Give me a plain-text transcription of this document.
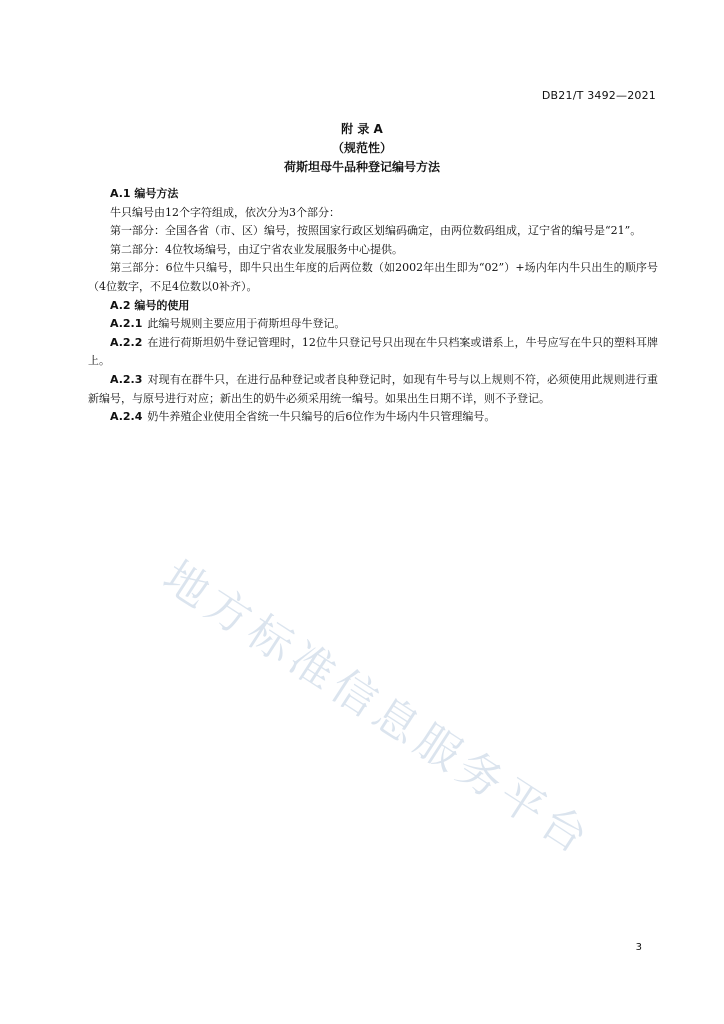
DB21/T 3492—2021
附 录 A
（规范性）
荷斯坦母牛品种登记编号方法
A.1 编号方法

牛只编号由12个字符组成，依次分为3个部分：

第一部分：全国各省（市、区）编号，按照国家行政区划编码确定，由两位数码组成，辽宁省的编号是“21”。

第二部分：4位牧场编号，由辽宁省农业发展服务中心提供。

第三部分：6位牛只编号，即牛只出生年度的后两位数（如2002年出生即为“02”）+场内年内牛只出生的顺序号（4位数字，不足4位数以0补齐）。

A.2 编号的使用

A.2.1 此编号规则主要应用于荷斯坦母牛登记。

A.2.2 在进行荷斯坦奶牛登记管理时，12位牛只登记号只出现在牛只档案或谱系上，牛号应写在牛只的塑料耳牌上。

A.2.3 对现有在群牛只，在进行品种登记或者良种登记时，如现有牛号与以上规则不符，必须使用此规则进行重新编号，与原号进行对应；新出生的奶牛必须采用统一编号。如果出生日期不详，则不予登记。

A.2.4 奶牛养殖企业使用全省统一牛只编号的后6位作为牛场内牛只管理编号。

地方标准信息服务平台
3
